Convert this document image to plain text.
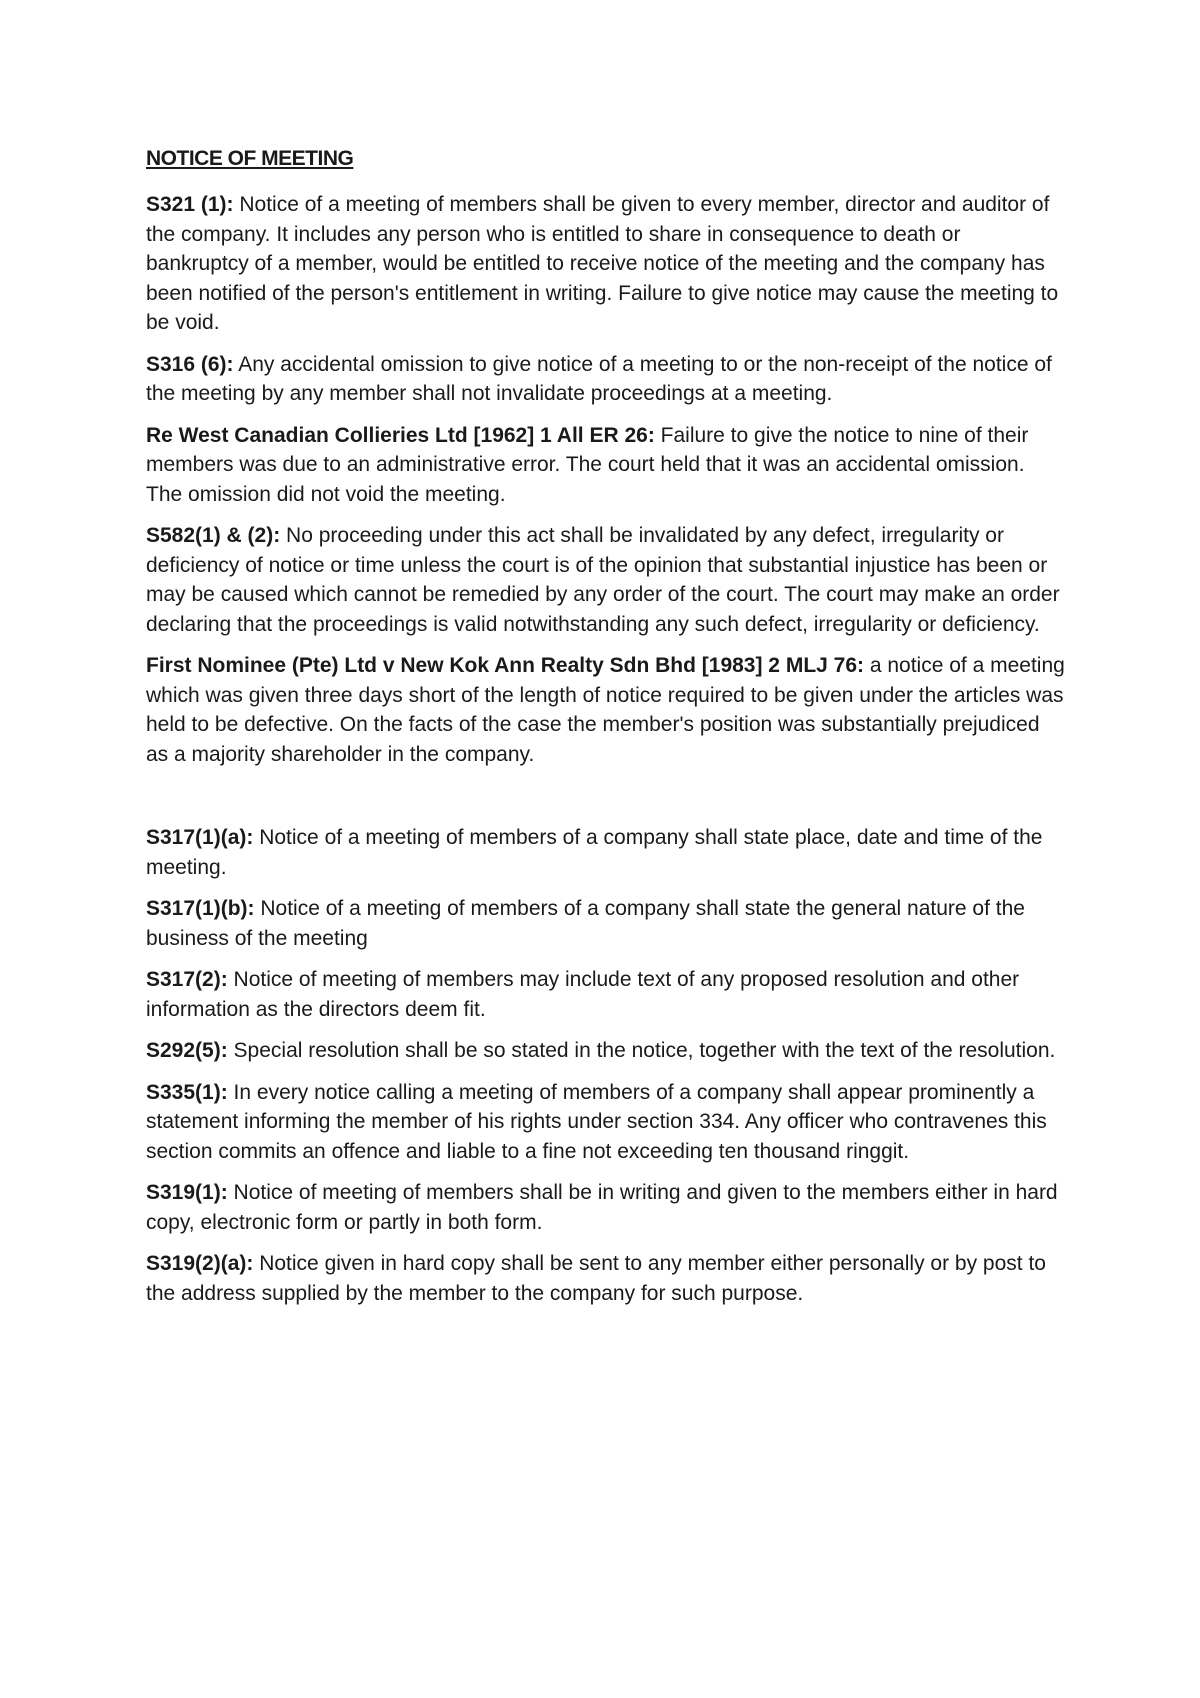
NOTICE OF MEETING

S321 (1): Notice of a meeting of members shall be given to every member, director and auditor of the company. It includes any person who is entitled to share in consequence to death or bankruptcy of a member, would be entitled to receive notice of the meeting and the company has been notified of the person's entitlement in writing. Failure to give notice may cause the meeting to be void.

S316 (6): Any accidental omission to give notice of a meeting to or the non-receipt of the notice of the meeting by any member shall not invalidate proceedings at a meeting.

Re West Canadian Collieries Ltd [1962] 1 All ER 26: Failure to give the notice to nine of their members was due to an administrative error. The court held that it was an accidental omission. The omission did not void the meeting.

S582(1) & (2): No proceeding under this act shall be invalidated by any defect, irregularity or deficiency of notice or time unless the court is of the opinion that substantial injustice has been or may be caused which cannot be remedied by any order of the court. The court may make an order declaring that the proceedings is valid notwithstanding any such defect, irregularity or deficiency.

First Nominee (Pte) Ltd v New Kok Ann Realty Sdn Bhd [1983] 2 MLJ 76: a notice of a meeting which was given three days short of the length of notice required to be given under the articles was held to be defective. On the facts of the case the member's position was substantially prejudiced as a majority shareholder in the company.

S317(1)(a): Notice of a meeting of members of a company shall state place, date and time of the meeting.

S317(1)(b): Notice of a meeting of members of a company shall state the general nature of the business of the meeting

S317(2): Notice of meeting of members may include text of any proposed resolution and other information as the directors deem fit.

S292(5): Special resolution shall be so stated in the notice, together with the text of the resolution.

S335(1): In every notice calling a meeting of members of a company shall appear prominently a statement informing the member of his rights under section 334. Any officer who contravenes this section commits an offence and liable to a fine not exceeding ten thousand ringgit.

S319(1): Notice of meeting of members shall be in writing and given to the members either in hard copy, electronic form or partly in both form.

S319(2)(a): Notice given in hard copy shall be sent to any member either personally or by post to the address supplied by the member to the company for such purpose.
